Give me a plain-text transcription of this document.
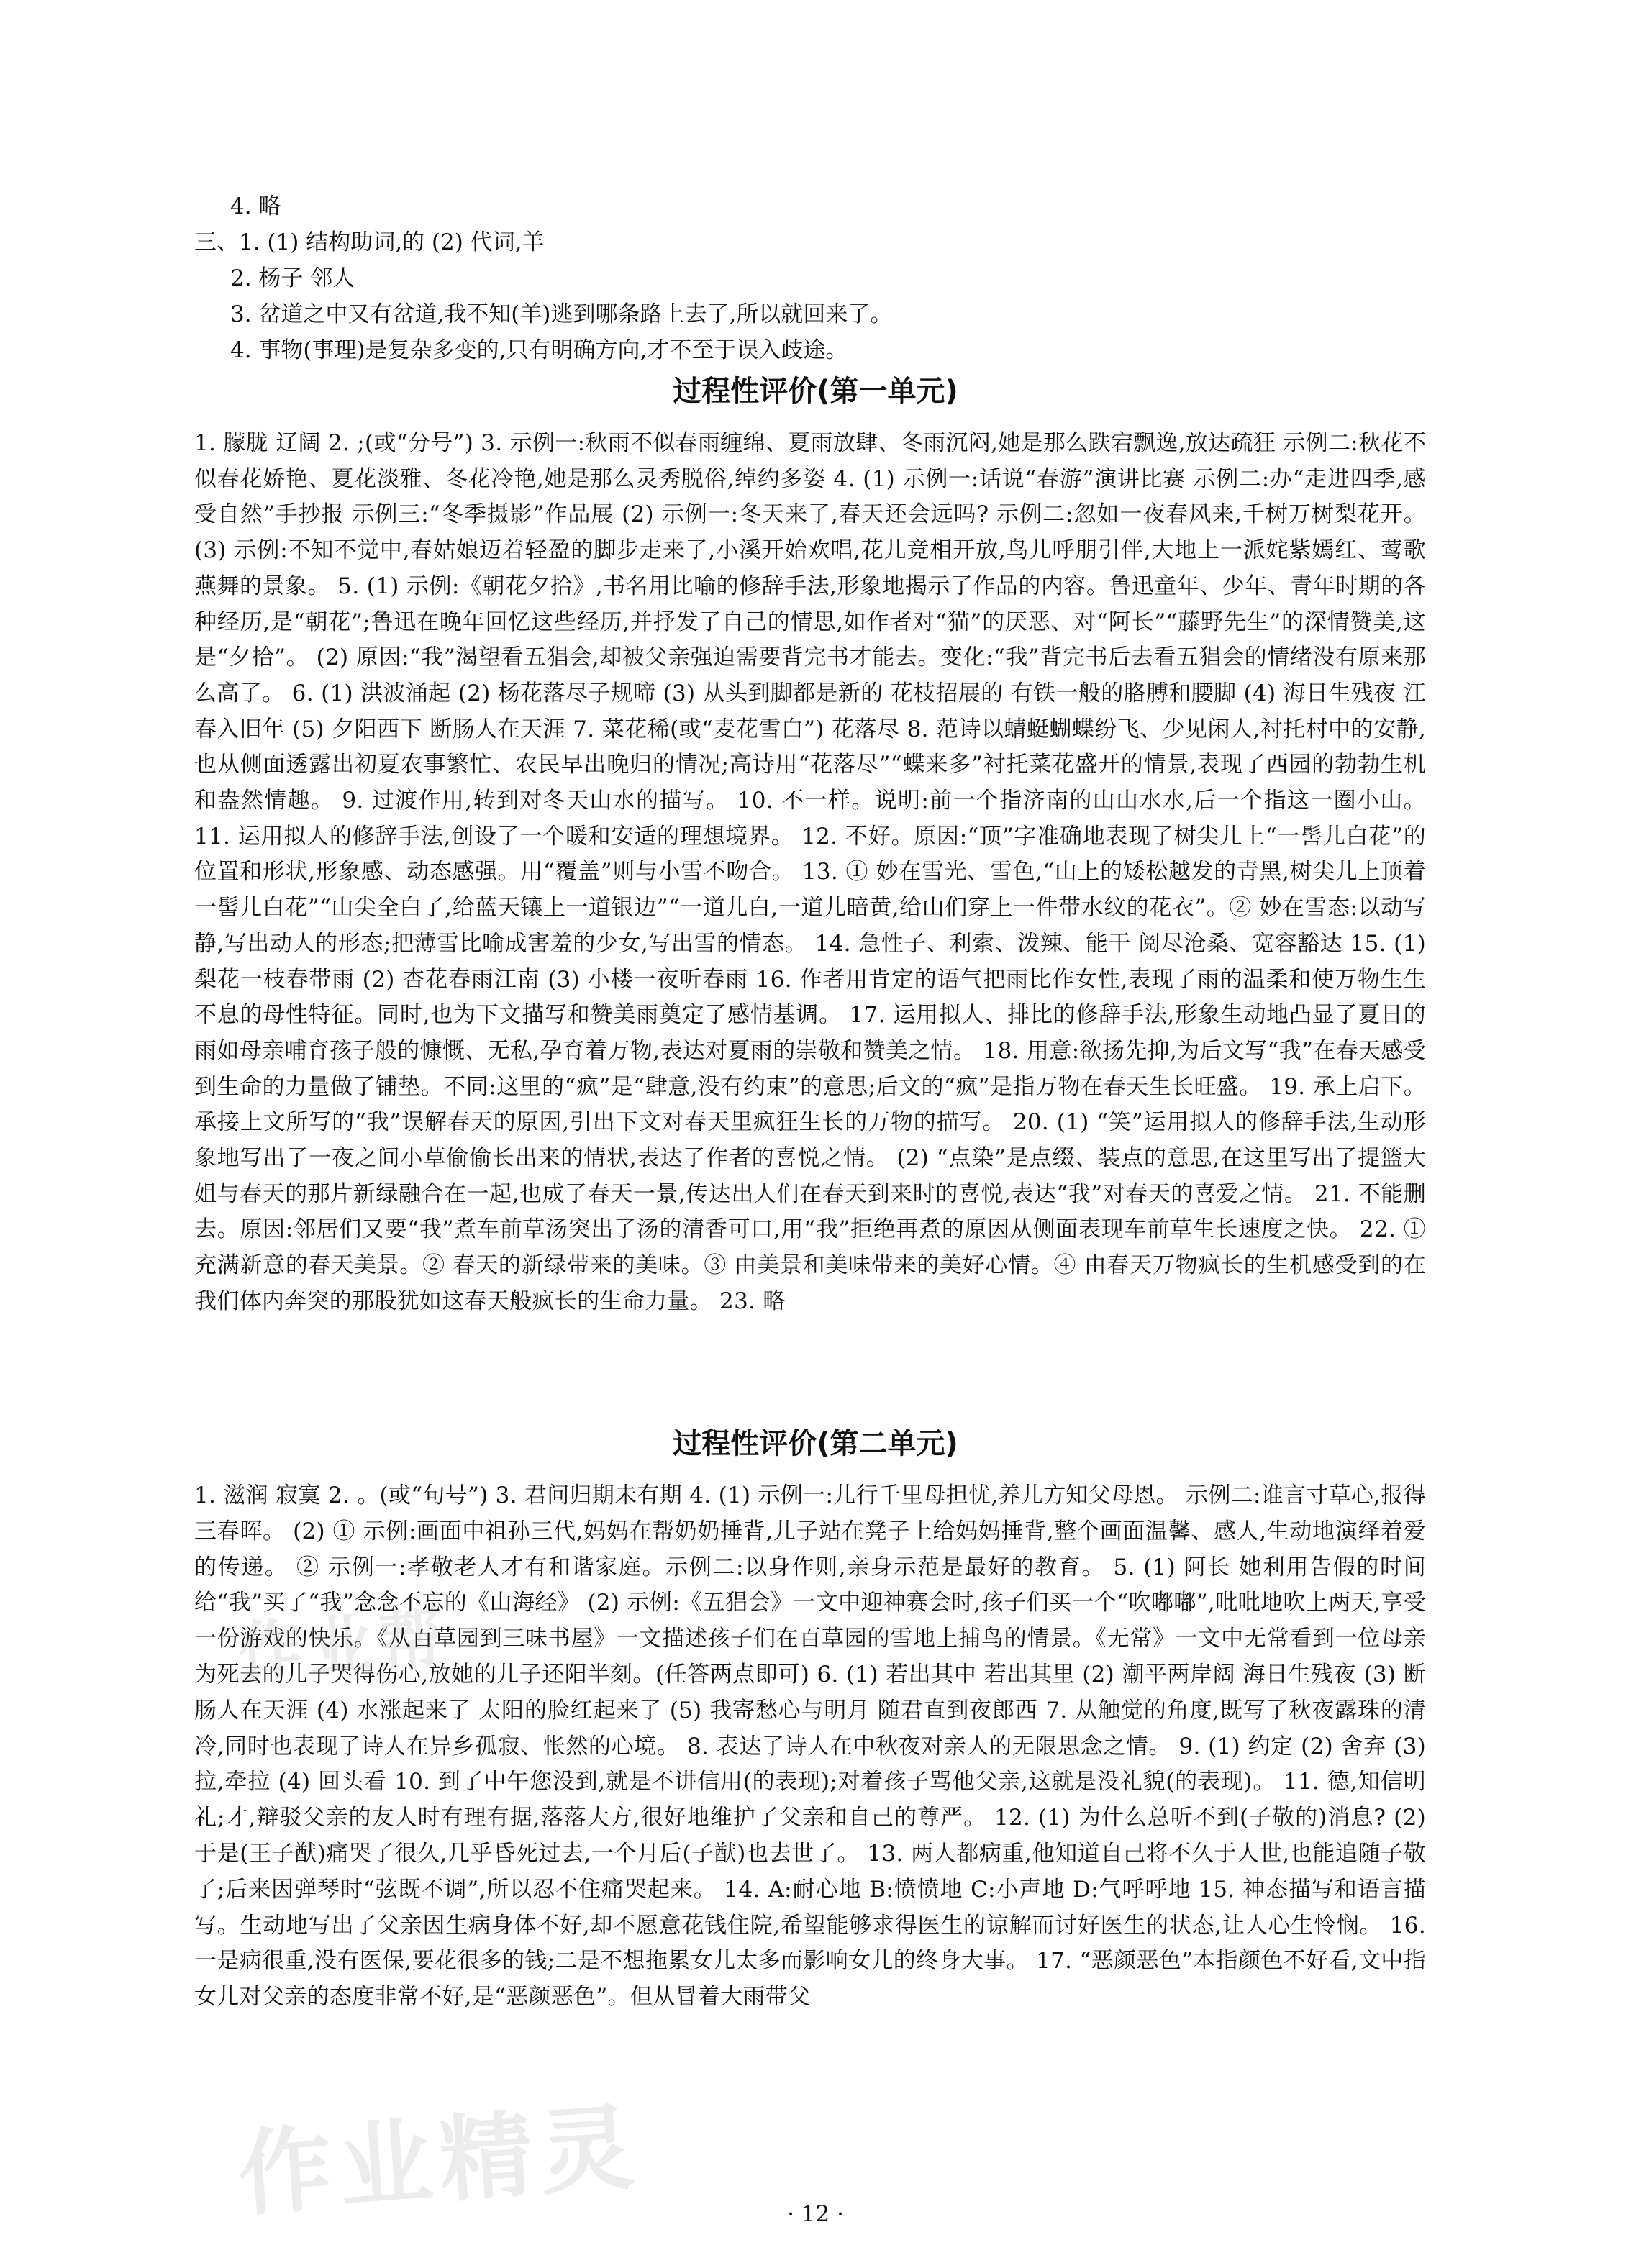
4. 略
三、1. (1) 结构助词,的 (2) 代词,羊
2. 杨子 邻人
3. 岔道之中又有岔道,我不知(羊)逃到哪条路上去了,所以就回来了。
4. 事物(事理)是复杂多变的,只有明确方向,才不至于误入歧途。
过程性评价(第一单元)
1. 朦胧 辽阔 2. ;(或“分号”) 3. 示例一:秋雨不似春雨缠绵、夏雨放肆、冬雨沉闷,她是那么跌宕飘逸,放达疏狂 示例二:秋花不似春花娇艳、夏花淡雅、冬花冷艳,她是那么灵秀脱俗,绰约多姿 4. (1) 示例一:话说“春游”演讲比赛 示例二:办“走进四季,感受自然”手抄报 示例三:“冬季摄影”作品展 (2) 示例一:冬天来了,春天还会远吗? 示例二:忽如一夜春风来,千树万树梨花开。 (3) 示例:不知不觉中,春姑娘迈着轻盈的脚步走来了,小溪开始欢唱,花儿竞相开放,鸟儿呼朋引伴,大地上一派姹紫嫣红、莺歌燕舞的景象。 5. (1) 示例:《朝花夕拾》,书名用比喻的修辞手法,形象地揭示了作品的内容。鲁迅童年、少年、青年时期的各种经历,是“朝花”;鲁迅在晚年回忆这些经历,并抒发了自己的情思,如作者对“猫”的厌恶、对“阿长”“藤野先生”的深情赞美,这是“夕拾”。 (2) 原因:“我”渴望看五猖会,却被父亲强迫需要背完书才能去。变化:“我”背完书后去看五猖会的情绪没有原来那么高了。 6. (1) 洪波涌起 (2) 杨花落尽子规啼 (3) 从头到脚都是新的 花枝招展的 有铁一般的胳膊和腰脚 (4) 海日生残夜 江春入旧年 (5) 夕阳西下 断肠人在天涯 7. 菜花稀(或“麦花雪白”) 花落尽 8. 范诗以蜻蜓蝴蝶纷飞、少见闲人,衬托村中的安静,也从侧面透露出初夏农事繁忙、农民早出晚归的情况;高诗用“花落尽”“蝶来多”衬托菜花盛开的情景,表现了西园的勃勃生机和盎然情趣。 9. 过渡作用,转到对冬天山水的描写。 10. 不一样。说明:前一个指济南的山山水水,后一个指这一圈小山。 11. 运用拟人的修辞手法,创设了一个暖和安适的理想境界。 12. 不好。原因:“顶”字准确地表现了树尖儿上“一髻儿白花”的位置和形状,形象感、动态感强。用“覆盖”则与小雪不吻合。 13. ① 妙在雪光、雪色,“山上的矮松越发的青黑,树尖儿上顶着一髻儿白花”“山尖全白了,给蓝天镶上一道银边”“一道儿白,一道儿暗黄,给山们穿上一件带水纹的花衣”。② 妙在雪态:以动写静,写出动人的形态;把薄雪比喻成害羞的少女,写出雪的情态。 14. 急性子、利索、泼辣、能干 阅尽沧桑、宽容豁达 15. (1) 梨花一枝春带雨 (2) 杏花春雨江南 (3) 小楼一夜听春雨 16. 作者用肯定的语气把雨比作女性,表现了雨的温柔和使万物生生不息的母性特征。同时,也为下文描写和赞美雨奠定了感情基调。 17. 运用拟人、排比的修辞手法,形象生动地凸显了夏日的雨如母亲哺育孩子般的慷慨、无私,孕育着万物,表达对夏雨的崇敬和赞美之情。 18. 用意:欲扬先抑,为后文写“我”在春天感受到生命的力量做了铺垫。不同:这里的“疯”是“肆意,没有约束”的意思;后文的“疯”是指万物在春天生长旺盛。 19. 承上启下。承接上文所写的“我”误解春天的原因,引出下文对春天里疯狂生长的万物的描写。 20. (1) “笑”运用拟人的修辞手法,生动形象地写出了一夜之间小草偷偷长出来的情状,表达了作者的喜悦之情。 (2) “点染”是点缀、装点的意思,在这里写出了提篮大姐与春天的那片新绿融合在一起,也成了春天一景,传达出人们在春天到来时的喜悦,表达“我”对春天的喜爱之情。 21. 不能删去。原因:邻居们又要“我”煮车前草汤突出了汤的清香可口,用“我”拒绝再煮的原因从侧面表现车前草生长速度之快。 22. ① 充满新意的春天美景。② 春天的新绿带来的美味。③ 由美景和美味带来的美好心情。④ 由春天万物疯长的生机感受到的在我们体内奔突的那股犹如这春天般疯长的生命力量。 23. 略
过程性评价(第二单元)
1. 滋润 寂寞 2. 。(或“句号”) 3. 君问归期未有期 4. (1) 示例一:儿行千里母担忧,养儿方知父母恩。 示例二:谁言寸草心,报得三春晖。 (2) ① 示例:画面中祖孙三代,妈妈在帮奶奶捶背,儿子站在凳子上给妈妈捶背,整个画面温馨、感人,生动地演绎着爱的传递。 ② 示例一:孝敬老人才有和谐家庭。示例二:以身作则,亲身示范是最好的教育。 5. (1) 阿长 她利用告假的时间给“我”买了“我”念念不忘的《山海经》 (2) 示例:《五猖会》一文中迎神赛会时,孩子们买一个“吹嘟嘟”,吡吡地吹上两天,享受一份游戏的快乐。《从百草园到三味书屋》一文描述孩子们在百草园的雪地上捕鸟的情景。《无常》一文中无常看到一位母亲为死去的儿子哭得伤心,放她的儿子还阳半刻。(任答两点即可) 6. (1) 若出其中 若出其里 (2) 潮平两岸阔 海日生残夜 (3) 断肠人在天涯 (4) 水涨起来了 太阳的脸红起来了 (5) 我寄愁心与明月 随君直到夜郎西 7. 从触觉的角度,既写了秋夜露珠的清冷,同时也表现了诗人在异乡孤寂、怅然的心境。 8. 表达了诗人在中秋夜对亲人的无限思念之情。 9. (1) 约定 (2) 舍弃 (3) 拉,牵拉 (4) 回头看 10. 到了中午您没到,就是不讲信用(的表现);对着孩子骂他父亲,这就是没礼貌(的表现)。 11. 德,知信明礼;才,辩驳父亲的友人时有理有据,落落大方,很好地维护了父亲和自己的尊严。 12. (1) 为什么总听不到(子敬的)消息? (2) 于是(王子猷)痛哭了很久,几乎昏死过去,一个月后(子猷)也去世了。 13. 两人都病重,他知道自己将不久于人世,也能追随子敬了;后来因弹琴时“弦既不调”,所以忍不住痛哭起来。 14. A:耐心地 B:愤愤地 C:小声地 D:气呼呼地 15. 神态描写和语言描写。生动地写出了父亲因生病身体不好,却不愿意花钱住院,希望能够求得医生的谅解而讨好医生的状态,让人心生怜悯。 16. 一是病很重,没有医保,要花很多的钱;二是不想拖累女儿太多而影响女儿的终身大事。 17. “恶颜恶色”本指颜色不好看,文中指女儿对父亲的态度非常不好,是“恶颜恶色”。但从冒着大雨带父
作业帮
作业精灵	· 12 ·
